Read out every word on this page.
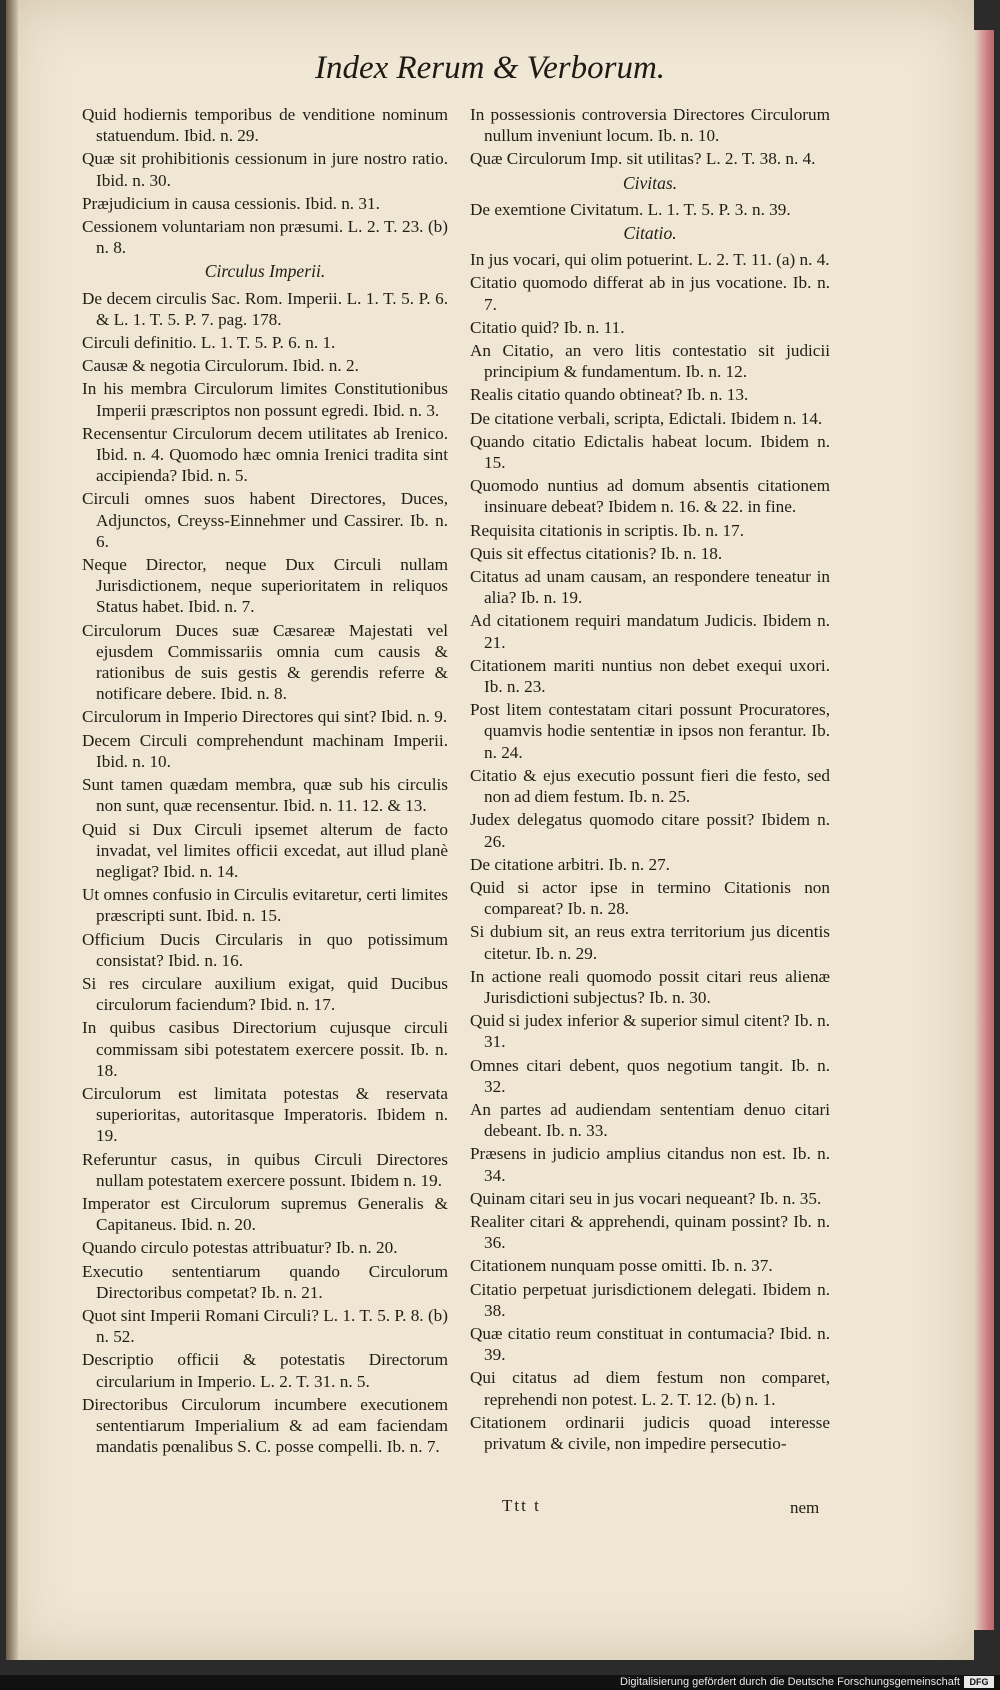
Index Rerum & Verborum.
Quid hodiernis temporibus de venditione nominum statuendum. Ibid. n. 29.
Quæ sit prohibitionis cessionum in jure nostro ratio. Ibid. n. 30.
Præjudicium in causa cessionis. Ibid. n. 31.
Cessionem voluntariam non præsumi. L. 2. T. 23. (b) n. 8.
Circulus Imperii.
De decem circulis Sac. Rom. Imperii. L. 1. T. 5. P. 6. & L. 1. T. 5. P. 7. pag. 178.
Circuli definitio. L. 1. T. 5. P. 6. n. 1.
Causæ & negotia Circulorum. Ibid. n. 2.
In his membra Circulorum limites Constitutionibus Imperii præscriptos non possunt egredi. Ibid. n. 3.
Recensentur Circulorum decem utilitates ab Irenico. Ibid. n. 4. Quomodo hæc omnia Irenici tradita sint accipienda? Ibid. n. 5.
Circuli omnes suos habent Directores, Duces, Adjunctos, Creyss-Einnehmer und Cassirer. Ib. n. 6.
Neque Director, neque Dux Circuli nullam Jurisdictionem, neque superioritatem in reliquos Status habet. Ibid. n. 7.
Circulorum Duces suæ Cæsareæ Majestati vel ejusdem Commissariis omnia cum causis & rationibus de suis gestis & gerendis referre & notificare debere. Ibid. n. 8.
Circulorum in Imperio Directores qui sint? Ibid. n. 9.
Decem Circuli comprehendunt machinam Imperii. Ibid. n. 10.
Sunt tamen quædam membra, quæ sub his circulis non sunt, quæ recensentur. Ibid. n. 11. 12. & 13.
Quid si Dux Circuli ipsemet alterum de facto invadat, vel limites officii excedat, aut illud planè negligat? Ibid. n. 14.
Ut omnes confusio in Circulis evitaretur, certi limites præscripti sunt. Ibid. n. 15.
Officium Ducis Circularis in quo potissimum consistat? Ibid. n. 16.
Si res circulare auxilium exigat, quid Ducibus circulorum faciendum? Ibid. n. 17.
In quibus casibus Directorium cujusque circuli commissam sibi potestatem exercere possit. Ib. n. 18.
Circulorum est limitata potestas & reservata superioritas, autoritasque Imperatoris. Ibidem n. 19.
Referuntur casus, in quibus Circuli Directores nullam potestatem exercere possunt. Ibidem n. 19.
Imperator est Circulorum supremus Generalis & Capitaneus. Ibid. n. 20.
Quando circulo potestas attribuatur? Ib. n. 20.
Executio sententiarum quando Circulorum Directoribus competat? Ib. n. 21.
Quot sint Imperii Romani Circuli? L. 1. T. 5. P. 8. (b) n. 52.
Descriptio officii & potestatis Directorum circularium in Imperio. L. 2. T. 31. n. 5.
Directoribus Circulorum incumbere executionem sententiarum Imperialium & ad eam faciendam mandatis pœnalibus S. C. posse compelli. Ib. n. 7.
In possessionis controversia Directores Circulorum nullum inveniunt locum. Ib. n. 10.
Quæ Circulorum Imp. sit utilitas? L. 2. T. 38. n. 4.
Civitas.
De exemtione Civitatum. L. 1. T. 5. P. 3. n. 39.
Citatio.
In jus vocari, qui olim potuerint. L. 2. T. 11. (a) n. 4.
Citatio quomodo differat ab in jus vocatione. Ib. n. 7.
Citatio quid? Ib. n. 11.
An Citatio, an vero litis contestatio sit judicii principium & fundamentum. Ib. n. 12.
Realis citatio quando obtineat? Ib. n. 13.
De citatione verbali, scripta, Edictali. Ibidem n. 14.
Quando citatio Edictalis habeat locum. Ibidem n. 15.
Quomodo nuntius ad domum absentis citationem insinuare debeat? Ibidem n. 16. & 22. in fine.
Requisita citationis in scriptis. Ib. n. 17.
Quis sit effectus citationis? Ib. n. 18.
Citatus ad unam causam, an respondere teneatur in alia? Ib. n. 19.
Ad citationem requiri mandatum Judicis. Ibidem n. 21.
Citationem mariti nuntius non debet exequi uxori. Ib. n. 23.
Post litem contestatam citari possunt Procuratores, quamvis hodie sententiæ in ipsos non ferantur. Ib. n. 24.
Citatio & ejus executio possunt fieri die festo, sed non ad diem festum. Ib. n. 25.
Judex delegatus quomodo citare possit? Ibidem n. 26.
De citatione arbitri. Ib. n. 27.
Quid si actor ipse in termino Citationis non compareat? Ib. n. 28.
Si dubium sit, an reus extra territorium jus dicentis citetur. Ib. n. 29.
In actione reali quomodo possit citari reus alienæ Jurisdictioni subjectus? Ib. n. 30.
Quid si judex inferior & superior simul citent? Ib. n. 31.
Omnes citari debent, quos negotium tangit. Ib. n. 32.
An partes ad audiendam sententiam denuo citari debeant. Ib. n. 33.
Præsens in judicio amplius citandus non est. Ib. n. 34.
Quinam citari seu in jus vocari nequeant? Ib. n. 35.
Realiter citari & apprehendi, quinam possint? Ib. n. 36.
Citationem nunquam posse omitti. Ib. n. 37.
Citatio perpetuat jurisdictionem delegati. Ibidem n. 38.
Quæ citatio reum constituat in contumacia? Ibid. n. 39.
Qui citatus ad diem festum non comparet, reprehendi non potest. L. 2. T. 12. (b) n. 1.
Citationem ordinarii judicis quoad interesse privatum & civile, non impedire persecutio-
Ttt t	nem
Digitalisierung gefördert durch die Deutsche Forschungsgemeinschaft	DFG
